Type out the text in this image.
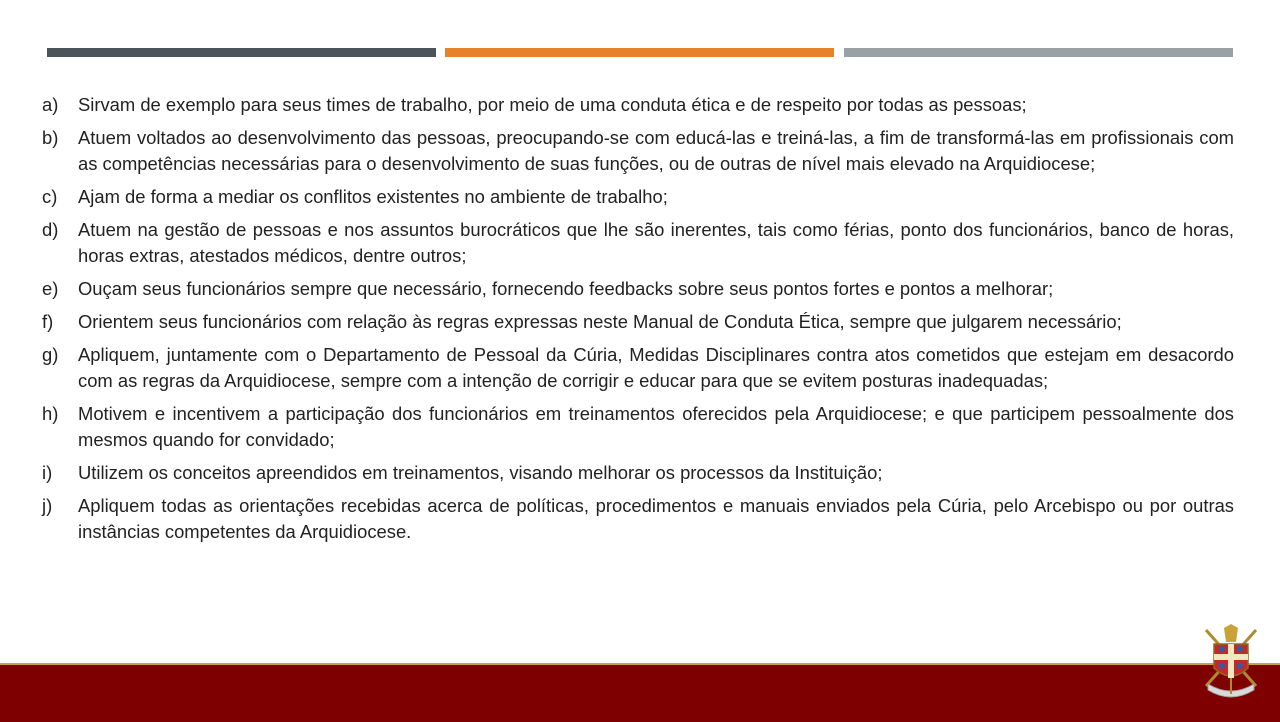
a)	Sirvam de exemplo para seus times de trabalho, por meio de uma conduta ética e de respeito por todas as pessoas;
b)	Atuem voltados ao desenvolvimento das pessoas, preocupando-se com educá-las e treiná-las, a fim de transformá-las em profissionais com as competências necessárias para o desenvolvimento de suas funções, ou de outras de nível mais elevado na Arquidiocese;
c)	Ajam de forma a mediar os conflitos existentes no ambiente de trabalho;
d)	Atuem na gestão de pessoas e nos assuntos burocráticos que lhe são inerentes, tais como férias, ponto dos funcionários, banco de horas, horas extras, atestados médicos, dentre outros;
e)	Ouçam seus funcionários sempre que necessário, fornecendo feedbacks sobre seus pontos fortes e pontos a melhorar;
f)	Orientem seus funcionários com relação às regras expressas neste Manual de Conduta Ética, sempre que julgarem necessário;
g)	Apliquem, juntamente com o Departamento de Pessoal da Cúria, Medidas Disciplinares contra atos cometidos que estejam em desacordo com as regras da Arquidiocese, sempre com a intenção de corrigir e educar para que se evitem posturas inadequadas;
h)	Motivem e incentivem a participação dos funcionários em treinamentos oferecidos pela Arquidiocese; e que participem pessoalmente dos mesmos quando for convidado;
i)	Utilizem os conceitos apreendidos em treinamentos, visando melhorar os processos da Instituição;
j)	Apliquem todas as orientações recebidas acerca de políticas, procedimentos e manuais enviados pela Cúria, pelo Arcebispo ou por outras instâncias competentes da Arquidiocese.
